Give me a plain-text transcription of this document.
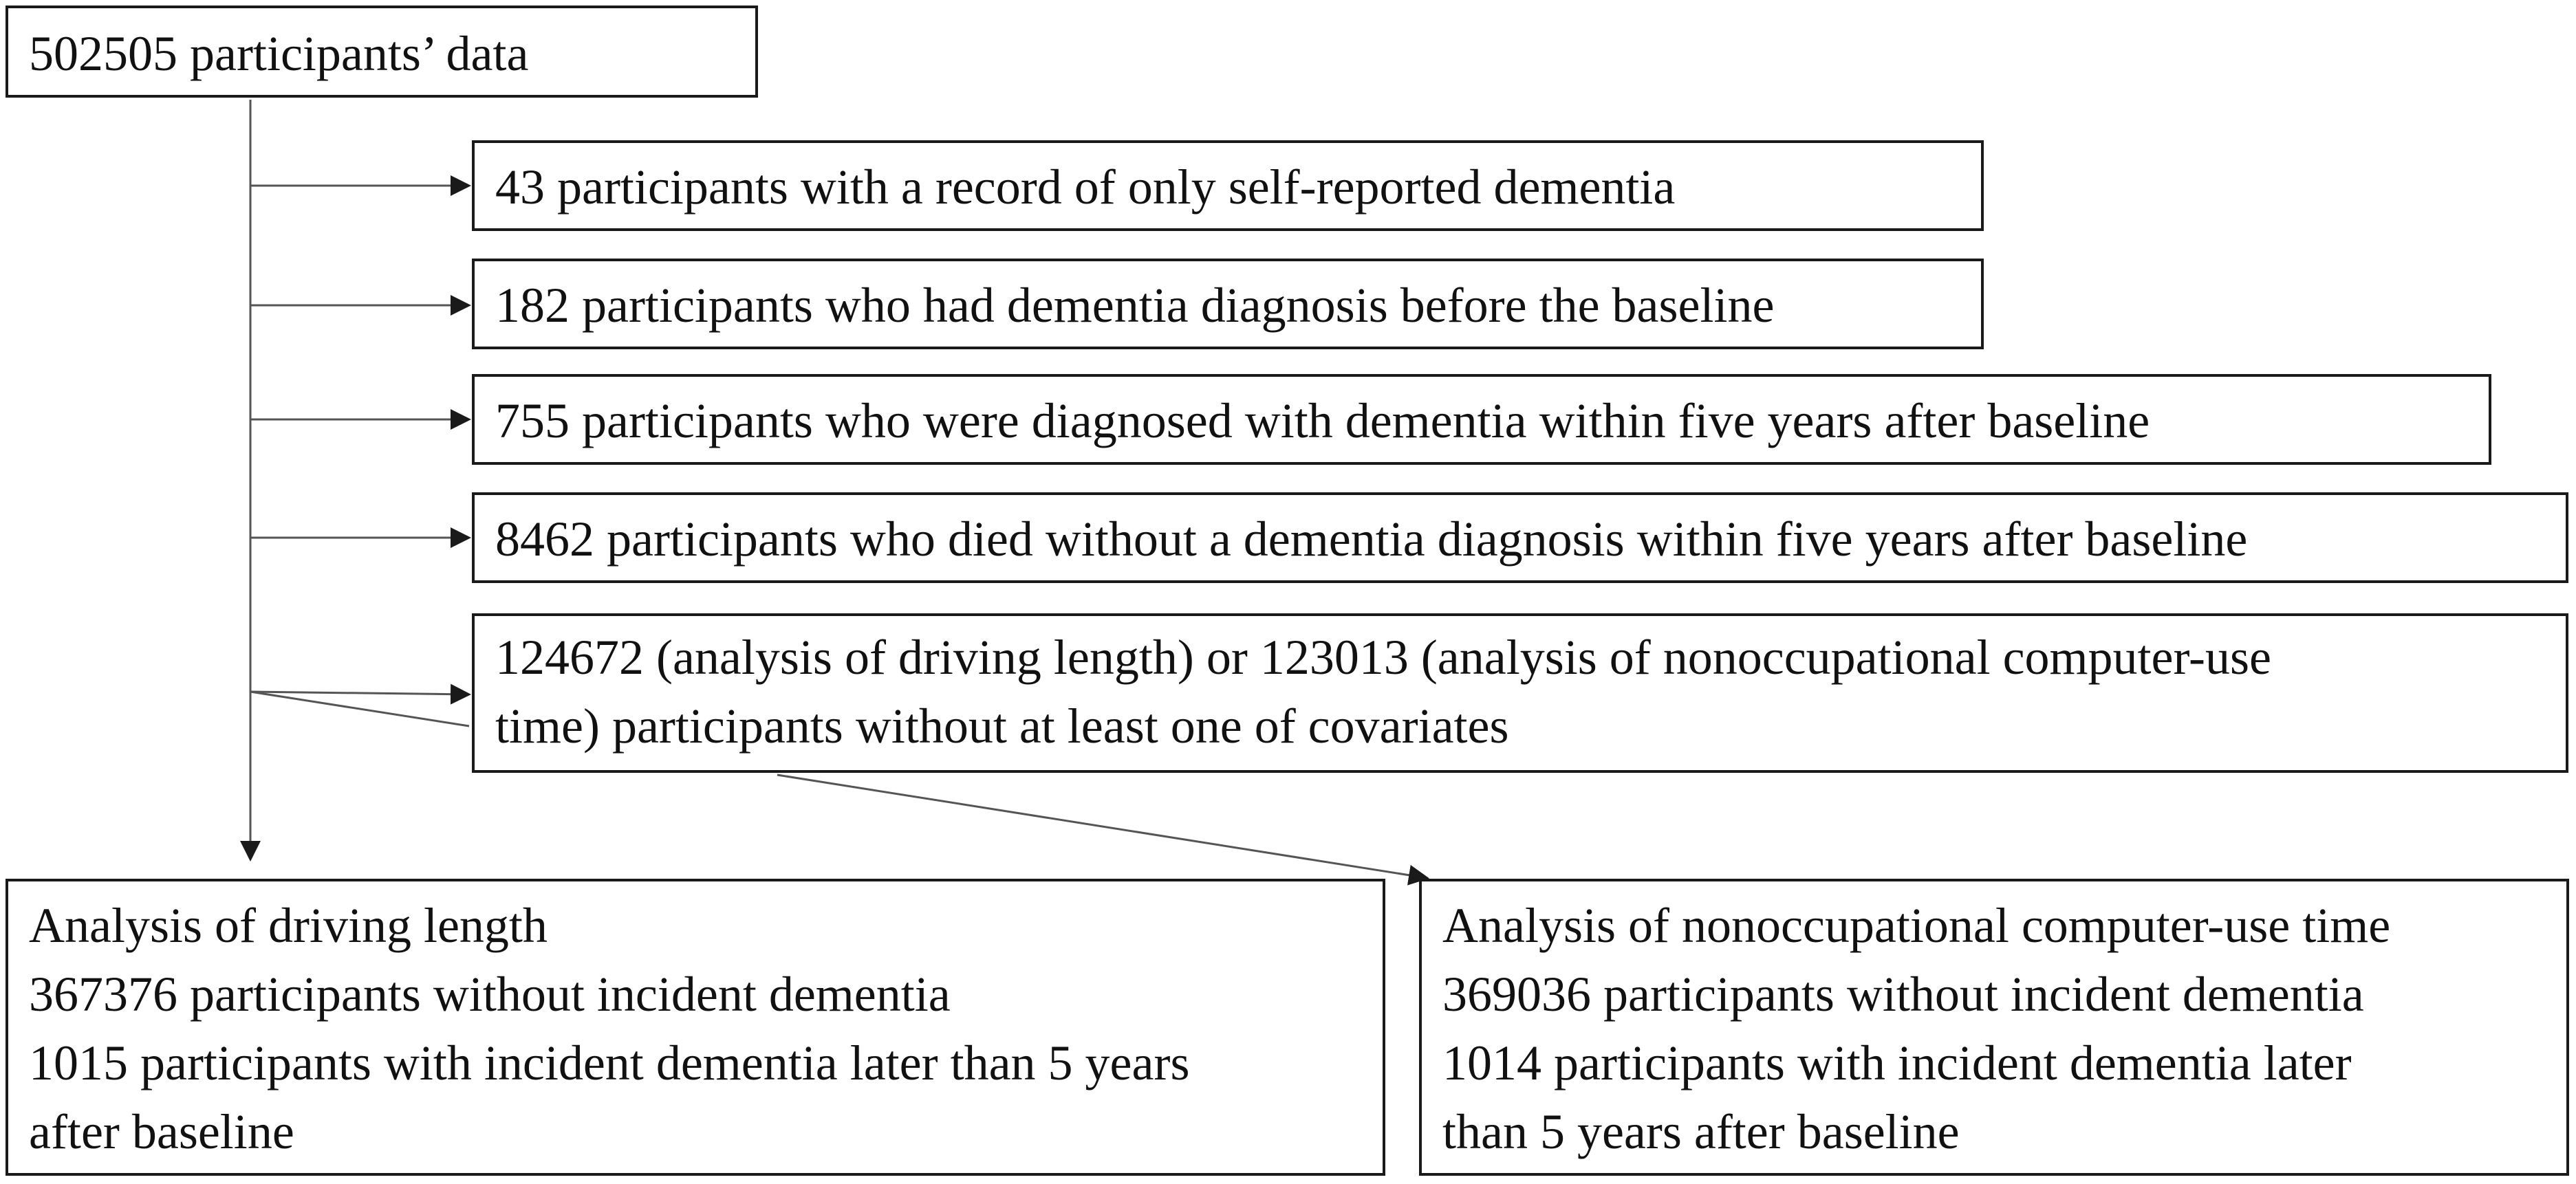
502505 participants’ data
43 participants with a record of only self-reported dementia
182 participants who had dementia diagnosis before the baseline
755 participants who were diagnosed with dementia within five years after baseline
8462 participants who died without a dementia diagnosis within five years after baseline
124672 (analysis of driving length) or 123013 (analysis of nonoccupational computer-use
time) participants without at least one of covariates
Analysis of driving length
367376 participants without incident dementia
1015 participants with incident dementia later than 5 years
after baseline
Analysis of nonoccupational computer-use time
369036 participants without incident dementia
1014 participants with incident dementia later
than 5 years after baseline
